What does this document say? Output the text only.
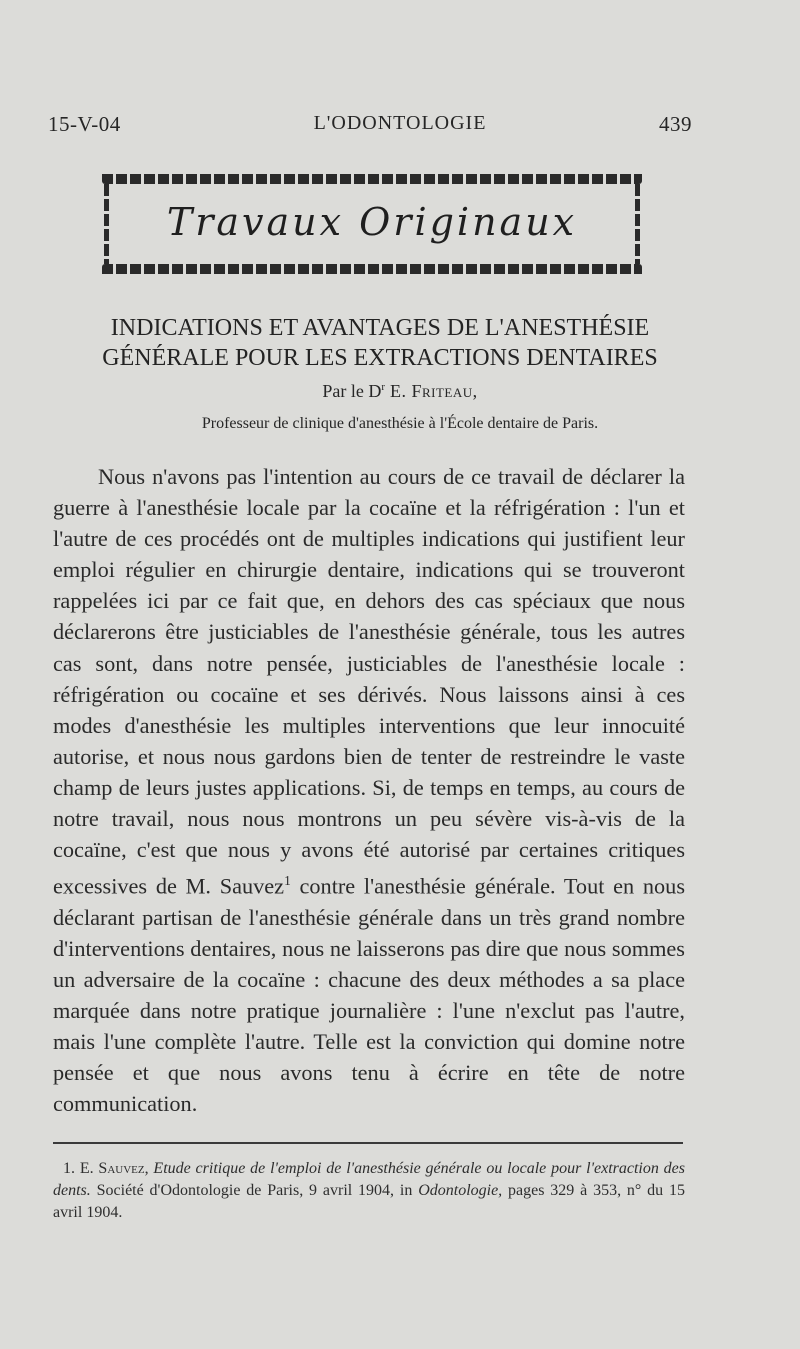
15-V-04	L'ODONTOLOGIE	439
Travaux Originaux
INDICATIONS ET AVANTAGES DE L'ANESTHÉSIE GÉNÉRALE POUR LES EXTRACTIONS DENTAIRES
Par le $D^r$ E. Friteau,
Professeur de clinique d'anesthésie à l'École dentaire de Paris.

Nous n'avons pas l'intention au cours de ce travail de déclarer la guerre à l'anesthésie locale par la cocaïne et la réfrigération : l'un et l'autre de ces procédés ont de multiples indications qui justifient leur emploi régulier en chirurgie dentaire, indications qui se trouveront rappelées ici par ce fait que, en dehors des cas spéciaux que nous déclarerons être justiciables de l'anesthésie générale, tous les autres cas sont, dans notre pensée, justiciables de l'anesthésie locale : réfrigération ou cocaïne et ses dérivés. Nous laissons ainsi à ces modes d'anesthésie les multiples interventions que leur innocuité autorise, et nous nous gardons bien de tenter de restreindre le vaste champ de leurs justes applications. Si, de temps en temps, au cours de notre travail, nous nous montrons un peu sévère vis-à-vis de la cocaïne, c'est que nous y avons été autorisé par certaines critiques excessives de M. Sauvez$^1$ contre l'anesthésie générale. Tout en nous déclarant partisan de l'anesthésie générale dans un très grand nombre d'interventions dentaires, nous ne laisserons pas dire que nous sommes un adversaire de la cocaïne : chacune des deux méthodes a sa place marquée dans notre pratique journalière : l'une n'exclut pas l'autre, mais l'une complète l'autre. Telle est la conviction qui domine notre pensée et que nous avons tenu à écrire en tête de notre communication.

1. E. Sauvez, Etude critique de l'emploi de l'anesthésie générale ou locale pour l'extraction des dents. Société d'Odontologie de Paris, 9 avril 1904, in Odontologie, pages 329 à 353, n° du 15 avril 1904.
